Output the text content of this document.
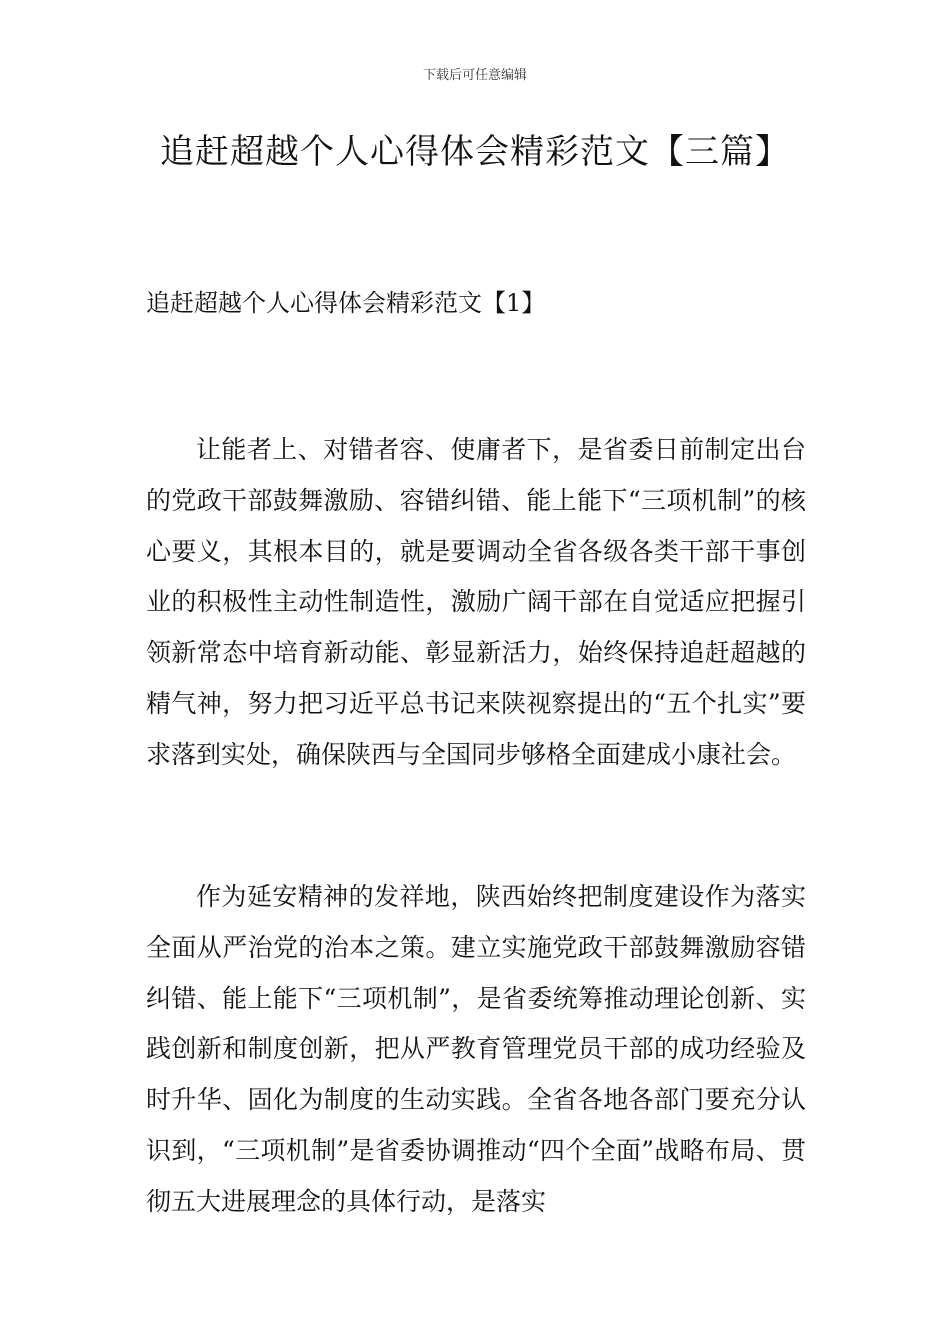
下载后可任意编辑
追赶超越个人心得体会精彩范文【三篇】
追赶超越个人心得体会精彩范文【1】

让能者上、对错者容、使庸者下，是省委日前制定出台的党政干部鼓舞激励、容错纠错、能上能下“三项机制”的核心要义，其根本目的，就是要调动全省各级各类干部干事创业的积极性主动性制造性，激励广阔干部在自觉适应把握引领新常态中培育新动能、彰显新活力，始终保持追赶超越的精气神，努力把习近平总书记来陕视察提出的“五个扎实”要求落到实处，确保陕西与全国同步够格全面建成小康社会。

作为延安精神的发祥地，陕西始终把制度建设作为落实全面从严治党的治本之策。建立实施党政干部鼓舞激励容错纠错、能上能下“三项机制”，是省委统筹推动理论创新、实践创新和制度创新，把从严教育管理党员干部的成功经验及时升华、固化为制度的生动实践。全省各地各部门要充分认识到，“三项机制”是省委协调推动“四个全面”战略布局、贯彻五大进展理念的具体行动，是落实
